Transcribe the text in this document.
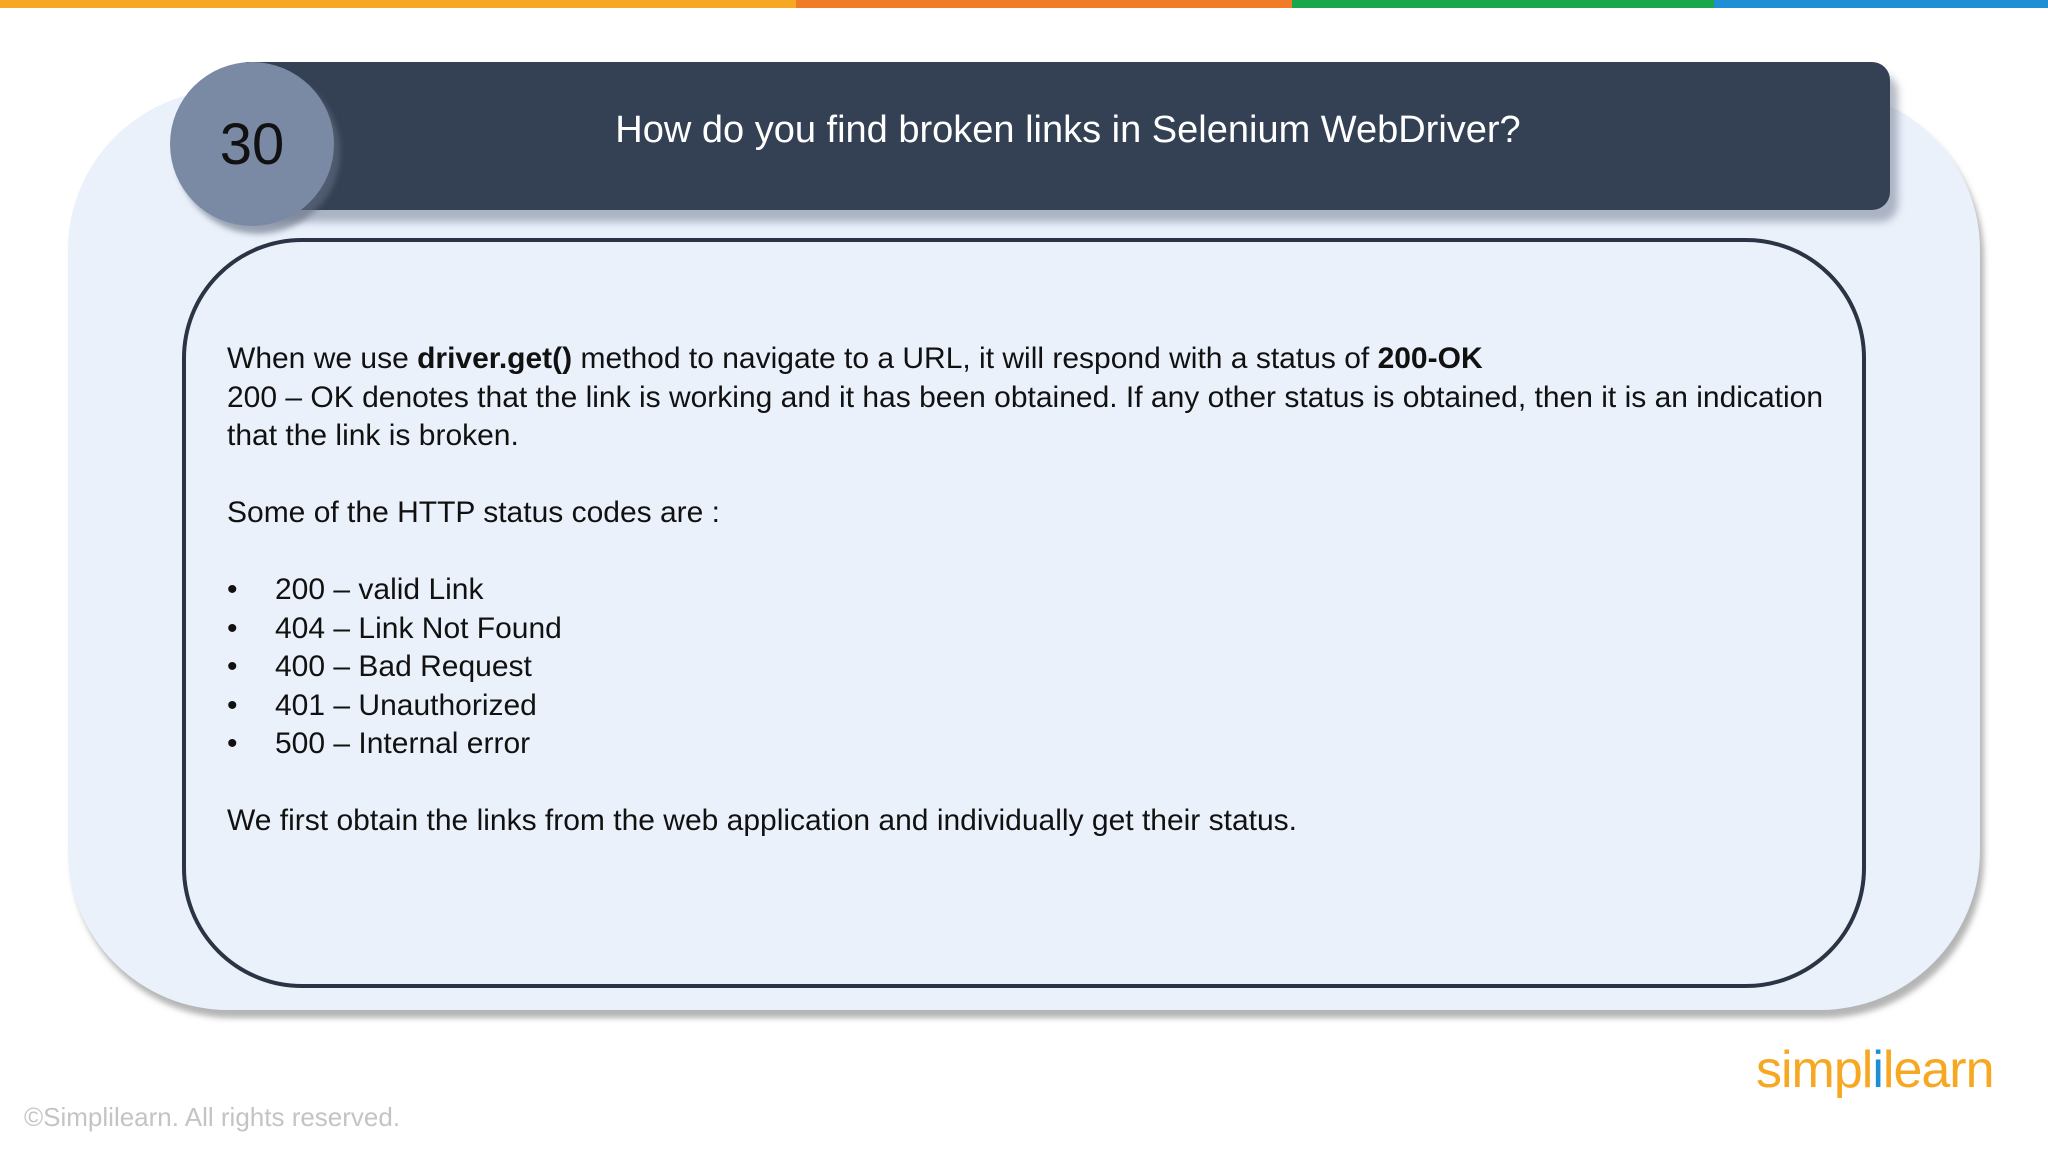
How do you find broken links in Selenium WebDriver?
30

When we use driver.get() method to navigate to a URL, it will respond with a status of 200-OK

200 – OK denotes that the link is working and it has been obtained. If any other status is obtained, then it is an indication that the link is broken.

Some of the HTTP status codes are :

• 200 – valid Link
• 404 – Link Not Found
• 400 – Bad Request
• 401 – Unauthorized
• 500 – Internal error

We first obtain the links from the web application and individually get their status.

©Simplilearn. All rights reserved.
simplilearn
